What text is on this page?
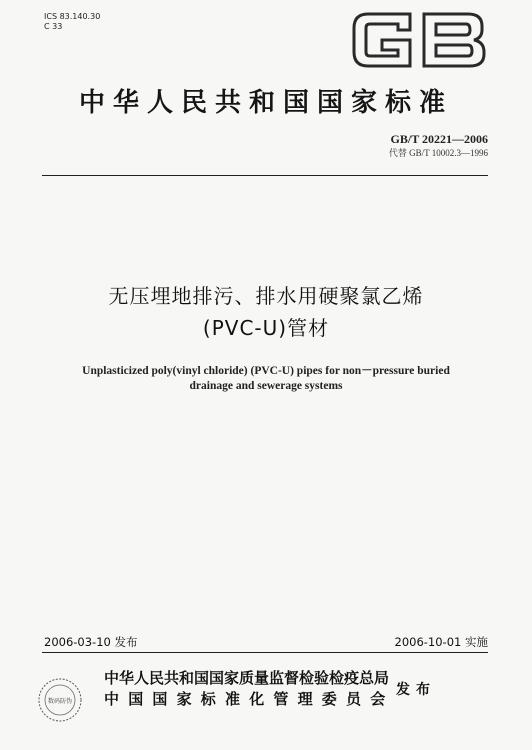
ICS 83.140.30
C 33
中华人民共和国国家标准
GB/T 20221—2006
代替 GB/T 10002.3—1996
无压埋地排污、排水用硬聚氯乙烯
(PVC-U)管材
Unplasticized poly(vinyl chloride) (PVC-U) pipes for non－pressure buried
drainage and sewerage systems
2006-03-10 发布	2006-10-01 实施
数码防伪
中华人民共和国国家质量监督检验检疫总局
中国国家标准化管理委员会 发布
